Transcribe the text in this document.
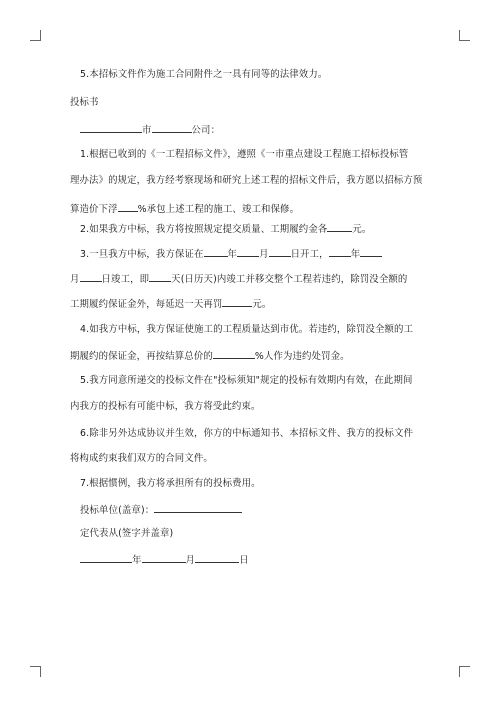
5.本招标文件作为施工合同附件之一具有同等的法律效力。
投标书
市	公司：
1.根据已收到的《一工程招标文件》，遵照《一市重点建设工程施工招标投标管
理办法》的规定，我方经考察现场和研究上述工程的招标文件后，我方愿以招标方预
算造价下浮 %承包上述工程的施工、竣工和保修。
2.如果我方中标，我方将按照规定提交质量、工期履约金各	元。
3.一旦我方中标，我方保证在	年 月 日开工， 年
月 日竣工，即 天(日历天)内竣工并移交整个工程若违约，除罚没全额的
工期履约保证金外，每延迟一天再罚	元。
4.如我方中标，我方保证使施工的工程质量达到市优。若违约，除罚没全额的工
期履约的保证金，再按结算总价的	%人作为违约处罚金。
5.我方同意所递交的投标文件在"投标须知"规定的投标有效期内有效，在此期间
内我方的投标有可能中标，我方将受此约束。
6.除非另外达成协议并生效，你方的中标通知书、本招标文件、我方的投标文件
将构成约束我们双方的合同文件。
7.根据惯例，我方将承担所有的投标费用。
投标单位(盖章)：
定代表从(签字并盖章)
年	月	日
